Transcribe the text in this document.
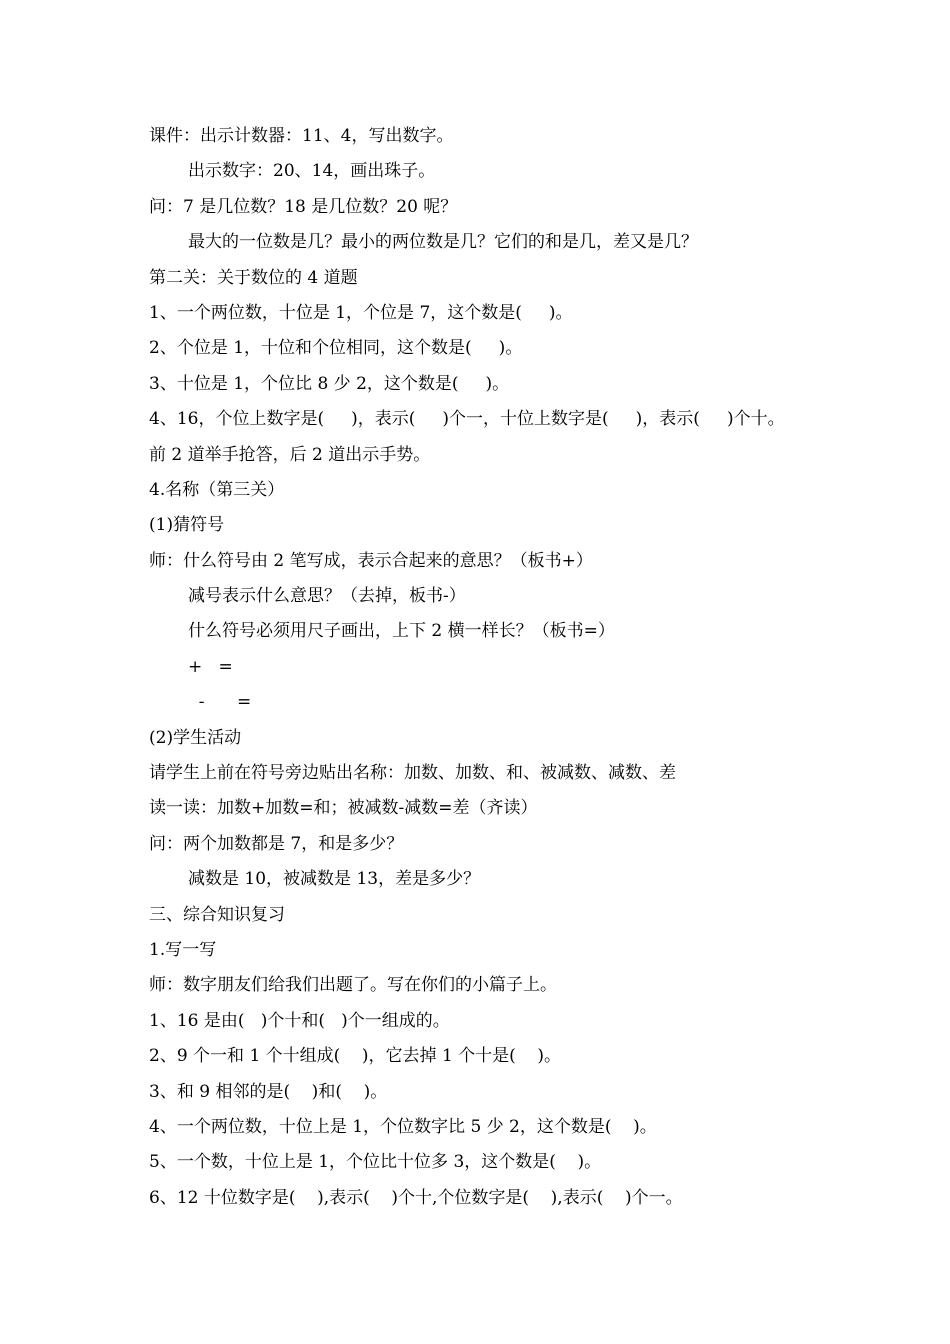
课件：出示计数器：11、4，写出数字。
出示数字：20、14，画出珠子。
问：7 是几位数？18 是几位数？20 呢？
最大的一位数是几？最小的两位数是几？它们的和是几，差又是几？
第二关：关于数位的 4 道题
1、一个两位数，十位是 1，个位是 7，这个数是(     )。
2、个位是 1，十位和个位相同，这个数是(     )。
3、十位是 1，个位比 8 少 2，这个数是(     )。
4、16，个位上数字是(     )，表示(     )个一，十位上数字是(     )，表示(     )个十。
前 2 道举手抢答，后 2 道出示手势。
4.名称（第三关）
(1)猜符号
师：什么符号由 2 笔写成，表示合起来的意思？（板书+）
减号表示什么意思？（去掉，板书-）
什么符号必须用尺子画出，上下 2 横一样长？（板书=）
+   =
-      =
(2)学生活动
请学生上前在符号旁边贴出名称：加数、加数、和、被减数、减数、差
读一读：加数+加数=和；被减数-减数=差（齐读）
问：两个加数都是 7，和是多少？
减数是 10，被减数是 13，差是多少？
三、综合知识复习
1.写一写
师：数字朋友们给我们出题了。写在你们的小篇子上。
1、16 是由(   )个十和(   )个一组成的。
2、9 个一和 1 个十组成(    )，它去掉 1 个十是(    )。
3、和 9 相邻的是(    )和(    )。
4、一个两位数，十位上是 1，个位数字比 5 少 2，这个数是(    )。
5、一个数，十位上是 1，个位比十位多 3，这个数是(    )。
6、12 十位数字是(    ),表示(    )个十,个位数字是(    ),表示(    )个一。
